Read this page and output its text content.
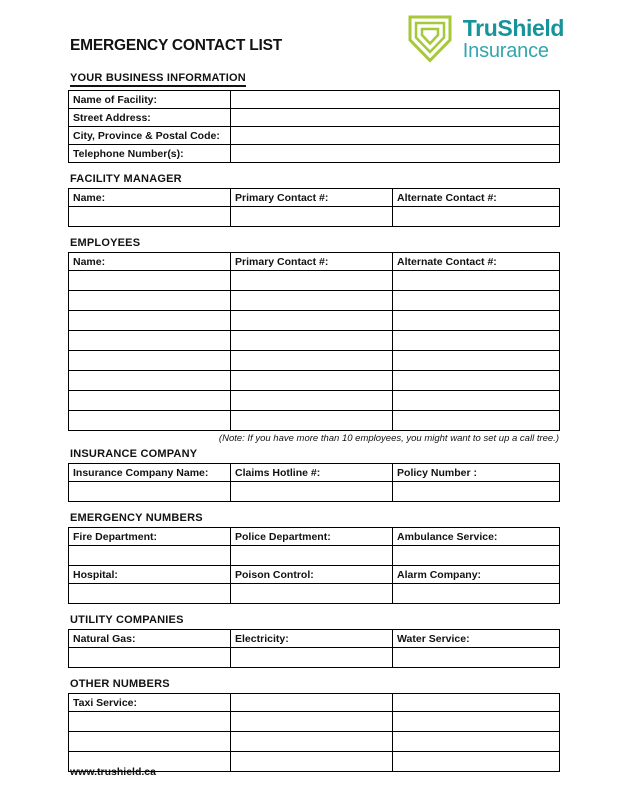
EMERGENCY CONTACT LIST
TruShield
Insurance
YOUR BUSINESS INFORMATION
Name of Facility:	
Street Address:	
City, Province & Postal Code:	
Telephone Number(s):	
FACILITY MANAGER
Name:	Primary Contact #:	Alternate Contact #:

EMPLOYEES
Name:	Primary Contact #:	Alternate Contact #:

(Note: If you have more than 10 employees, you might want to set up a call tree.)
INSURANCE COMPANY
Insurance Company Name:	Claims Hotline #:	Policy Number :

EMERGENCY NUMBERS
Fire Department:	Police Department:	Ambulance Service:

Hospital:	Poison Control:	Alarm Company:

UTILITY COMPANIES
Natural Gas:	Electricity:	Water Service:

OTHER NUMBERS
Taxi Service:		

www.trushield.ca
